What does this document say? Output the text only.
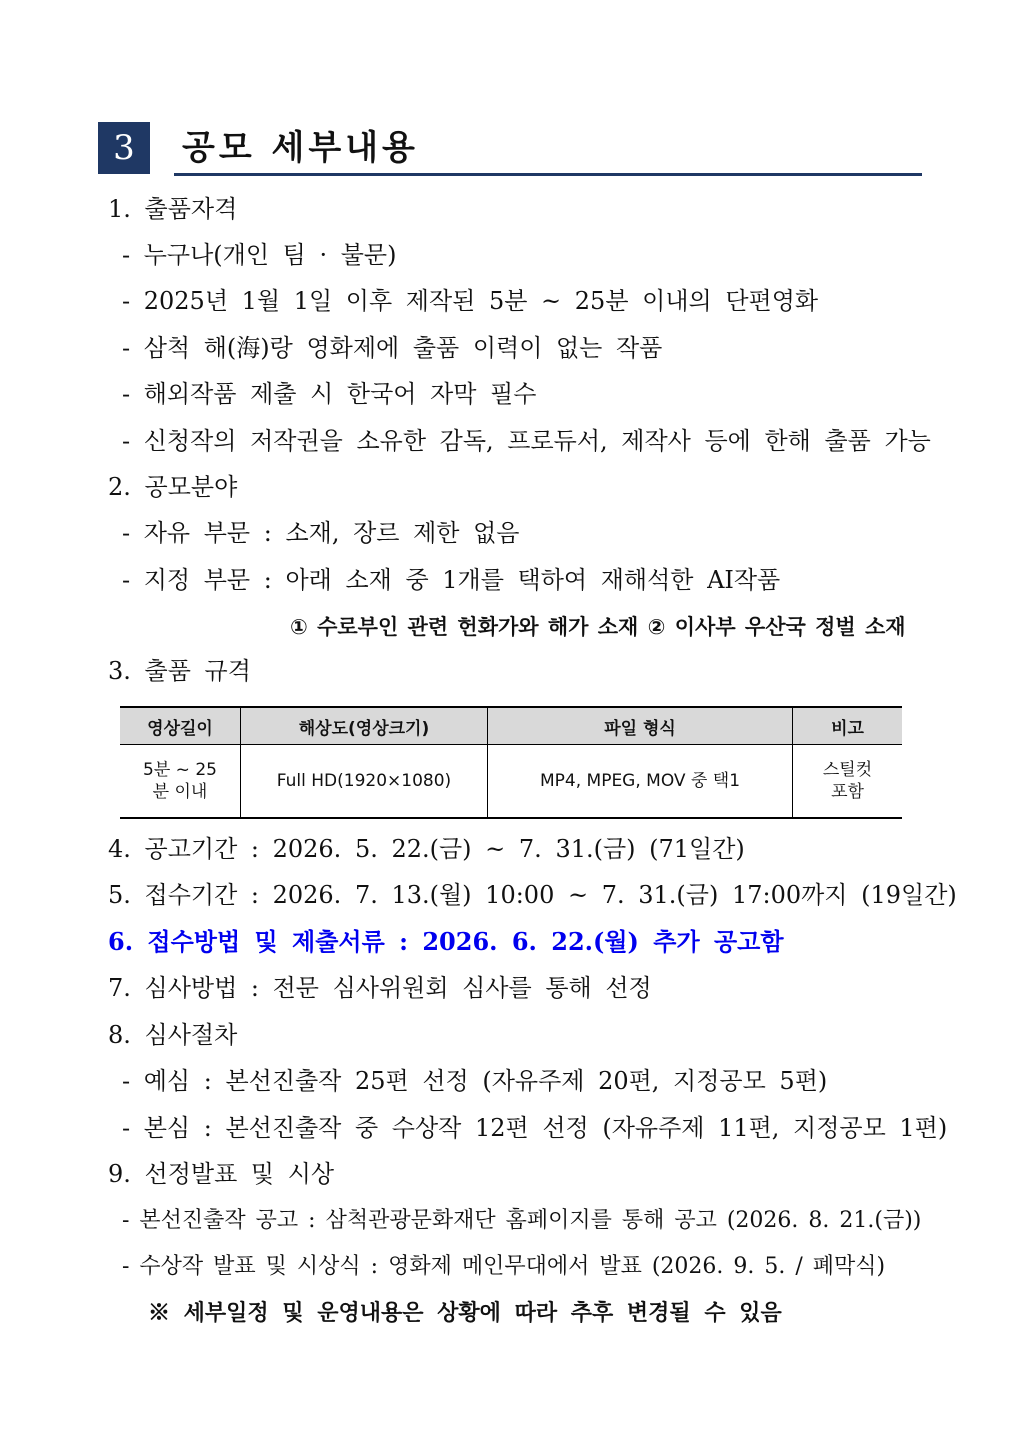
3	공모 세부내용
1. 출품자격
- 누구나(개인 팀 · 불문)
- 2025년 1월 1일 이후 제작된 5분 ~ 25분 이내의 단편영화
- 삼척 해(海)랑 영화제에 출품 이력이 없는 작품
- 해외작품 제출 시 한국어 자막 필수
- 신청작의 저작권을 소유한 감독, 프로듀서, 제작사 등에 한해 출품 가능
2. 공모분야
- 자유 부문 : 소재, 장르 제한 없음
- 지정 부문 : 아래 소재 중 1개를 택하여 재해석한 AI작품
① 수로부인 관련 헌화가와 해가 소재 ② 이사부 우산국 정벌 소재
3. 출품 규격
영상길이	해상도(영상크기)	파일 형식	비고
5분 ~ 25분 이내	Full HD(1920×1080)	MP4, MPEG, MOV 중 택1	스틸컷 포함
4. 공고기간 : 2026. 5. 22.(금) ~ 7. 31.(금) (71일간)
5. 접수기간 : 2026. 7. 13.(월) 10:00 ~ 7. 31.(금) 17:00까지 (19일간)
6. 접수방법 및 제출서류 : 2026. 6. 22.(월) 추가 공고함
7. 심사방법 : 전문 심사위원회 심사를 통해 선정
8. 심사절차
- 예심 : 본선진출작 25편 선정 (자유주제 20편, 지정공모 5편)
- 본심 : 본선진출작 중 수상작 12편 선정 (자유주제 11편, 지정공모 1편)
9. 선정발표 및 시상
- 본선진출작 공고 : 삼척관광문화재단 홈페이지를 통해 공고 (2026. 8. 21.(금))
- 수상작 발표 및 시상식 : 영화제 메인무대에서 발표 (2026. 9. 5. / 폐막식)
※ 세부일정 및 운영내용은 상황에 따라 추후 변경될 수 있음
